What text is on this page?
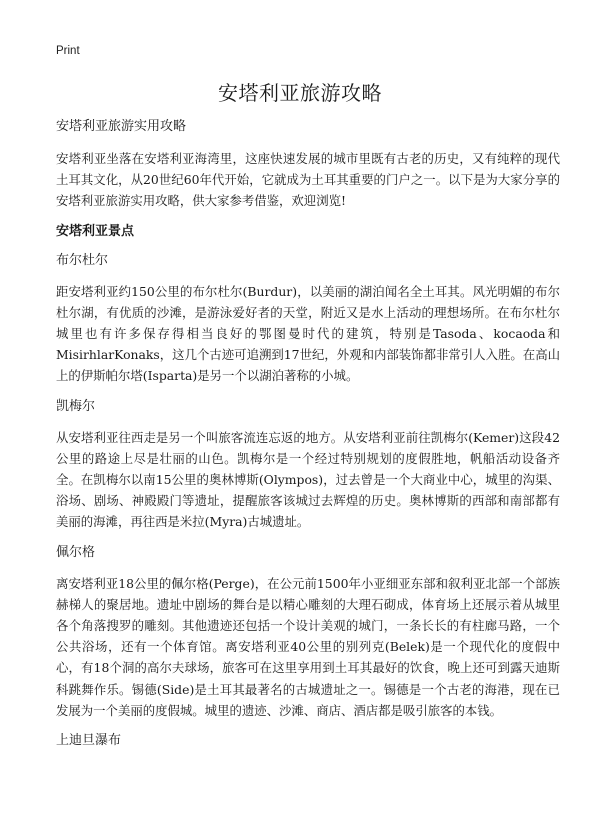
Print
安塔利亚旅游攻略
安塔利亚旅游实用攻略

安塔利亚坐落在安塔利亚海湾里，这座快速发展的城市里既有古老的历史，又有纯粹的现代土耳其文化，从20世纪60年代开始，它就成为土耳其重要的门户之一。以下是为大家分享的安塔利亚旅游实用攻略，供大家参考借鉴，欢迎浏览!

安塔利亚景点
布尔杜尔

距安塔利亚约150公里的布尔杜尔(Burdur)，以美丽的湖泊闻名全土耳其。风光明媚的布尔杜尔湖，有优质的沙滩，是游泳爱好者的天堂，附近又是水上活动的理想场所。在布尔杜尔城里也有许多保存得相当良好的鄂图曼时代的建筑，特别是Tasoda、kocaoda和MisirhlarKonaks，这几个古迹可追溯到17世纪，外观和内部装饰都非常引人入胜。在高山上的伊斯帕尔塔(Isparta)是另一个以湖泊著称的小城。

凯梅尔

从安塔利亚往西走是另一个叫旅客流连忘返的地方。从安塔利亚前往凯梅尔(Kemer)这段42公里的路途上尽是壮丽的山色。凯梅尔是一个经过特别规划的度假胜地，帆船活动设备齐全。在凯梅尔以南15公里的奥林博斯(Olympos)，过去曾是一个大商业中心，城里的沟渠、浴场、剧场、神殿殿门等遗址，提醒旅客该城过去辉煌的历史。奥林博斯的西部和南部都有美丽的海滩，再往西是米拉(Myra)古城遗址。

佩尔格

离安塔利亚18公里的佩尔格(Perge)，在公元前1500年小亚细亚东部和叙利亚北部一个部族赫梯人的聚居地。遗址中剧场的舞台是以精心雕刻的大理石砌成，体育场上还展示着从城里各个角落搜罗的雕刻。其他遗迹还包括一个设计美观的城门，一条长长的有柱廊马路，一个公共浴场，还有一个体育馆。离安塔利亚40公里的别列克(Belek)是一个现代化的度假中心，有18个洞的高尔夫球场，旅客可在这里享用到土耳其最好的饮食，晚上还可到露天迪斯科跳舞作乐。锡德(Side)是土耳其最著名的古城遗址之一。锡德是一个古老的海港，现在已发展为一个美丽的度假城。城里的遗迹、沙滩、商店、酒店都是吸引旅客的本钱。

上迪旦瀑布
